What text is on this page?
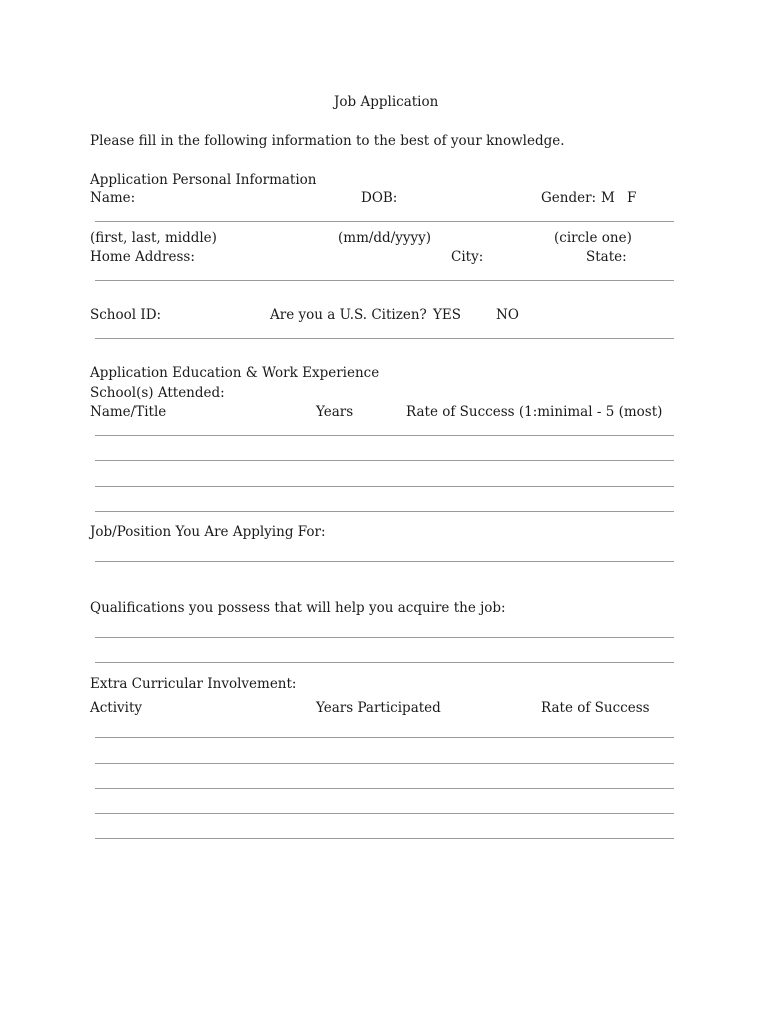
Job Application
Please fill in the following information to the best of your knowledge.
Application Personal Information
Name:	DOB:	Gender: M F
(first, last, middle)	(mm/dd/yyyy)	(circle one)
Home Address:	City:	State:
School ID:	Are you a U.S. Citizen? YES	NO
Application Education & Work Experience
School(s) Attended:
Name/Title	Years	Rate of Success (1:minimal - 5 (most)
Job/Position You Are Applying For:
Qualifications you possess that will help you acquire the job:
Extra Curricular Involvement:
Activity	Years Participated	Rate of Success
